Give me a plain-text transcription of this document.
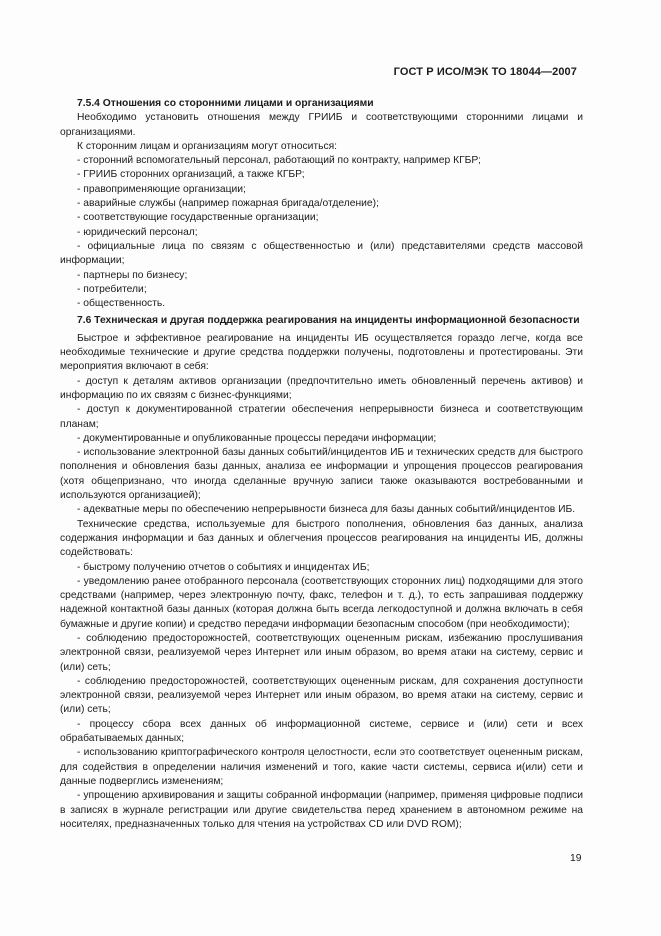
ГОСТ Р ИСО/МЭК ТО 18044—2007

7.5.4 Отношения со сторонними лицами и организациями

Необходимо установить отношения между ГРИИБ и соответствующими сторонними лицами и организациями.

К сторонним лицам и организациям могут относиться:

- сторонний вспомогательный персонал, работающий по контракту, например КГБР;

- ГРИИБ сторонних организаций, а также КГБР;

- правоприменяющие организации;

- аварийные службы (например пожарная бригада/отделение);

- соответствующие государственные организации;

- юридический персонал;

- официальные лица по связям с общественностью и (или) представителями средств массовой информации;

- партнеры по бизнесу;

- потребители;

- общественность.

7.6 Техническая и другая поддержка реагирования на инциденты информационной безопасности

Быстрое и эффективное реагирование на инциденты ИБ осуществляется гораздо легче, когда все необходимые технические и другие средства поддержки получены, подготовлены и протестированы. Эти мероприятия включают в себя:

- доступ к деталям активов организации (предпочтительно иметь обновленный перечень активов) и информацию по их связям с бизнес-функциями;

- доступ к документированной стратегии обеспечения непрерывности бизнеса и соответствующим планам;

- документированные и опубликованные процессы передачи информации;

- использование электронной базы данных событий/инцидентов ИБ и технических средств для быстрого пополнения и обновления базы данных, анализа ее информации и упрощения процессов реагирования (хотя общепризнано, что иногда сделанные вручную записи также оказываются востребованными и используются организацией);

- адекватные меры по обеспечению непрерывности бизнеса для базы данных событий/инцидентов ИБ.

Технические средства, используемые для быстрого пополнения, обновления баз данных, анализа содержания информации и баз данных и облегчения процессов реагирования на инциденты ИБ, должны содействовать:

- быстрому получению отчетов о событиях и инцидентах ИБ;

- уведомлению ранее отобранного персонала (соответствующих сторонних лиц) подходящими для этого средствами (например, через электронную почту, факс, телефон и т. д.), то есть запрашивая поддержку надежной контактной базы данных (которая должна быть всегда легкодоступной и должна включать в себя бумажные и другие копии) и средство передачи информации безопасным способом (при необходимости);

- соблюдению предосторожностей, соответствующих оцененным рискам, избежанию прослушивания электронной связи, реализуемой через Интернет или иным образом, во время атаки на систему, сервис и (или) сеть;

- соблюдению предосторожностей, соответствующих оцененным рискам, для сохранения доступности электронной связи, реализуемой через Интернет или иным образом, во время атаки на систему, сервис и (или) сеть;

- процессу сбора всех данных об информационной системе, сервисе и (или) сети и всех обрабатываемых данных;

- использованию криптографического контроля целостности, если это соответствует оцененным рискам, для содействия в определении наличия изменений и того, какие части системы, сервиса и(или) сети и данные подверглись изменениям;

- упрощению архивирования и защиты собранной информации (например, применяя цифровые подписи в записях в журнале регистрации или другие свидетельства перед хранением в автономном режиме на носителях, предназначенных только для чтения на устройствах CD или DVD ROM);

19
